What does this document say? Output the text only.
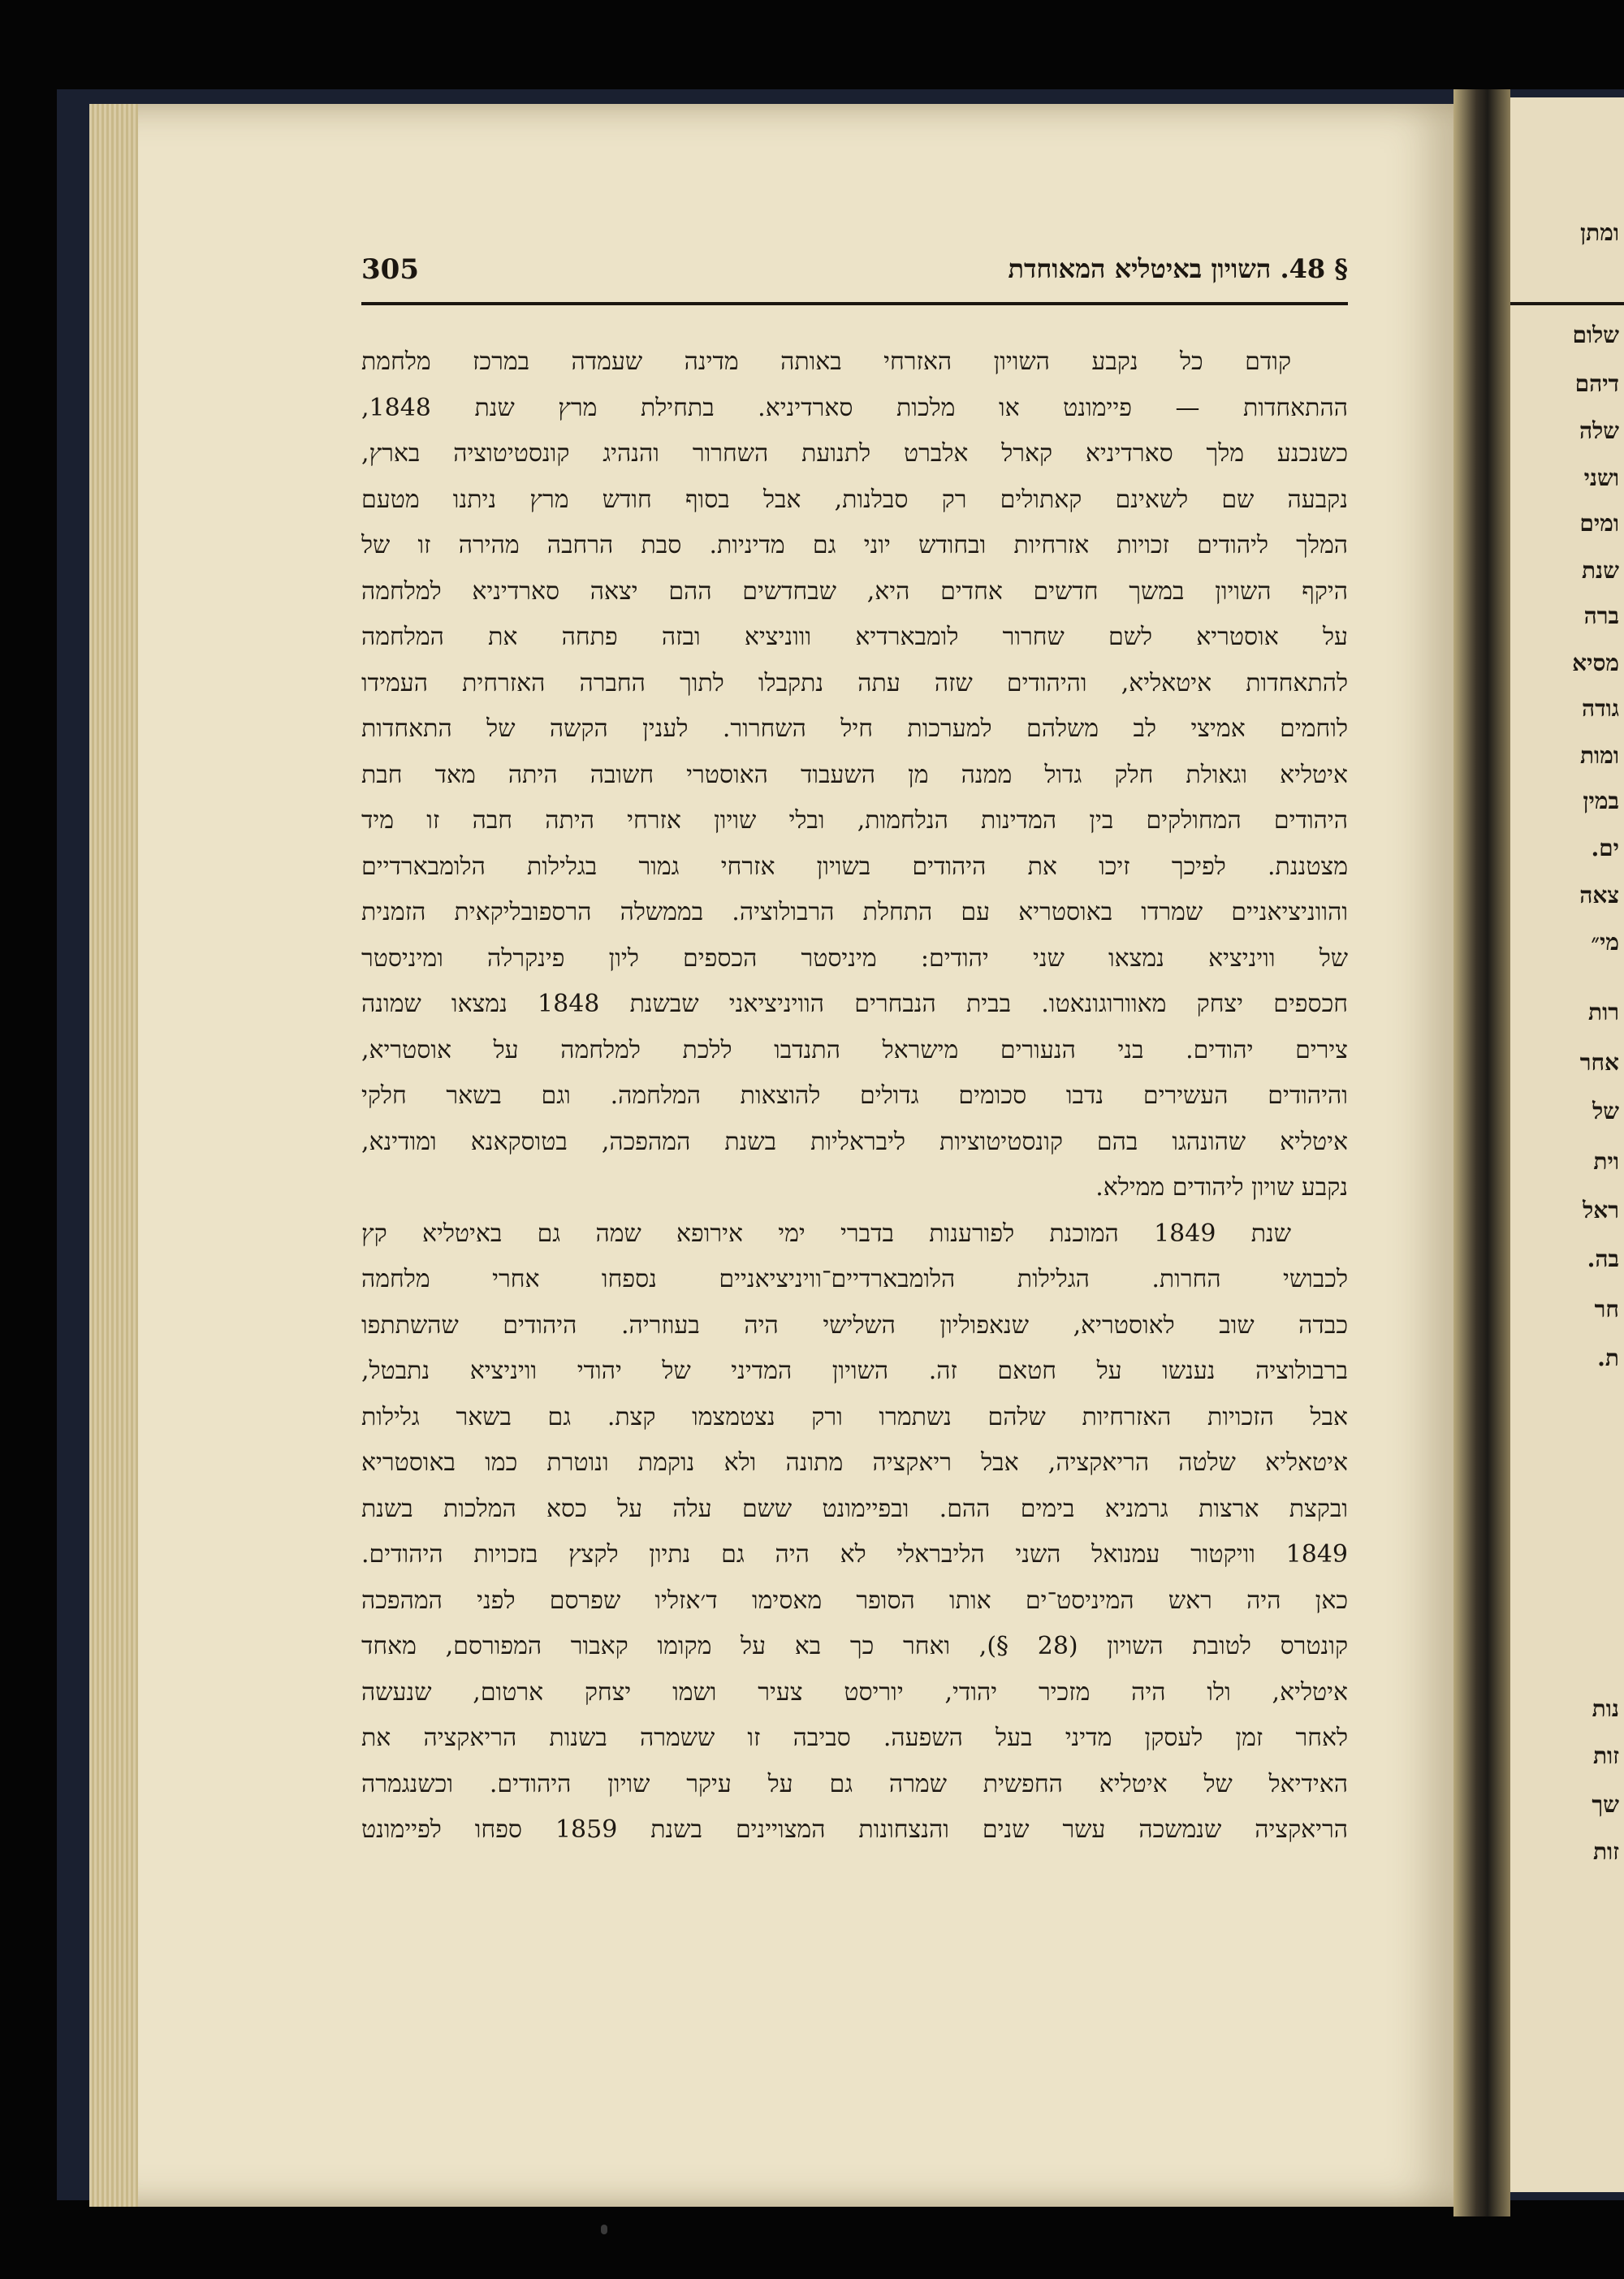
ומתן
שלום
דיהם
שלה
ושני
ומים
שנת
ברה
מסיא
גודה
ומות
במין
ים.
צאה
מי״
רות
אחר
של
וית
ראל
בה.
חר
ת.
נות
זות
שך
זות
305	§ 48. השויון באיטליא המאוחדת
קודם כל נקבע השויון האזרחי באותה מדינה שעמדה במרכז מלחמת
ההתאחדות — פיימונט או מלכות סארדיניא. בתחילת מרץ שנת 1848,
כשנכנע מלך סארדיניא קארל אלברט לתנועת השחרור והנהיג קונסטיטוציה בארץ,
נקבעה שם לשאינם קאתולים רק סבלנות, אבל בסוף חודש מרץ ניתנו מטעם
המלך ליהודים זכויות אזרחיות ובחודש יוני גם מדיניות. סבת הרחבה מהירה זו של
היקף השויון במשך חדשים אחדים היא, שבחדשים ההם יצאה סארדיניא למלחמה
על אוסטריא לשם שחרור לומבארדיא וווניציא ובזה פתחה את המלחמה
להתאחדות איטאליא, והיהודים שזה עתה נתקבלו לתוך החברה האזרחית העמידו
לוחמים אמיצי לב משלהם למערכות חיל השחרור. לענין הקשה של התאחדות
איטליא וגאולת חלק גדול ממנה מן השעבוד האוסטרי חשובה היתה מאד חבת
היהודים המחולקים בין המדינות הנלחמות, ובלי שויון אזרחי היתה חבה זו מיד
מצטננת. לפיכך זיכו את היהודים בשויון אזרחי גמור בגלילות הלומבארדיים
והווניציאניים שמרדו באוסטריא עם התחלת הרבולוציה. בממשלה הרספובליקאית הזמנית
של וויניציא נמצאו שני יהודים: מיניסטר הכספים ליון פינקרלה ומיניסטר
חכספים יצחק מאוורוגונאטו. בבית הנבחרים הוויניציאני שבשנת 1848 נמצאו שמונה
צירים יהודים. בני הנעורים מישראל התנדבו ללכת למלחמה על אוסטריא,
והיהודים העשירים נדבו סכומים גדולים להוצאות המלחמה. וגם בשאר חלקי
איטליא שהונהגו בהם קונסטיטוציות ליבראליות בשנת המהפכה, בטוסקאנא ומודינא,
נקבע שויון ליהודים ממילא.
שנת 1849 המוכנת לפורענות בדברי ימי אירופא שמה גם באיטליא קץ
לכבושי החרות. הגלילות הלומבארדיים־וויניציאניים נספחו אחרי מלחמה
כבדה שוב לאוסטריא, שנאפוליון השלישי היה בעוזריה. היהודים שהשתתפו
ברבולוציה נענשו על חטאם זה. השויון המדיני של יהודי וויניציא נתבטל,
אבל הזכויות האזרחיות שלהם נשתמרו ורק נצטמצמו קצת. גם בשאר גלילות
איטאליא שלטה הריאקציה, אבל ריאקציה מתונה ולא נוקמת ונוטרת כמו באוסטריא
ובקצת ארצות גרמניא בימים ההם. ובפיימונט ששם עלה על כסא המלכות בשנת
1849 וויקטור עמנואל השני הליבראלי לא היה גם נתיון לקצץ בזכויות היהודים.
כאן היה ראש המיניסט־ים אותו הסופר מאסימו ד׳אזליו שפרסם לפני המהפכה
קונטרס לטובת השויון (28 §), ואחר כך בא על מקומו קאבור המפורסם, מאחד
איטליא, ולו היה מזכיר יהודי, יוריסט צעיר ושמו יצחק ארטום, שנעשה
לאחר זמן לעסקן מדיני בעל השפעה. סביבה זו ששמרה בשנות הריאקציה את
האידיאל של איטליא החפשית שמרה גם על עיקר שויון היהודים. וכשנגמרה
הריאקציה שנמשכה עשר שנים והנצחונות המצויינים בשנת 1859 ספחו לפיימונט
